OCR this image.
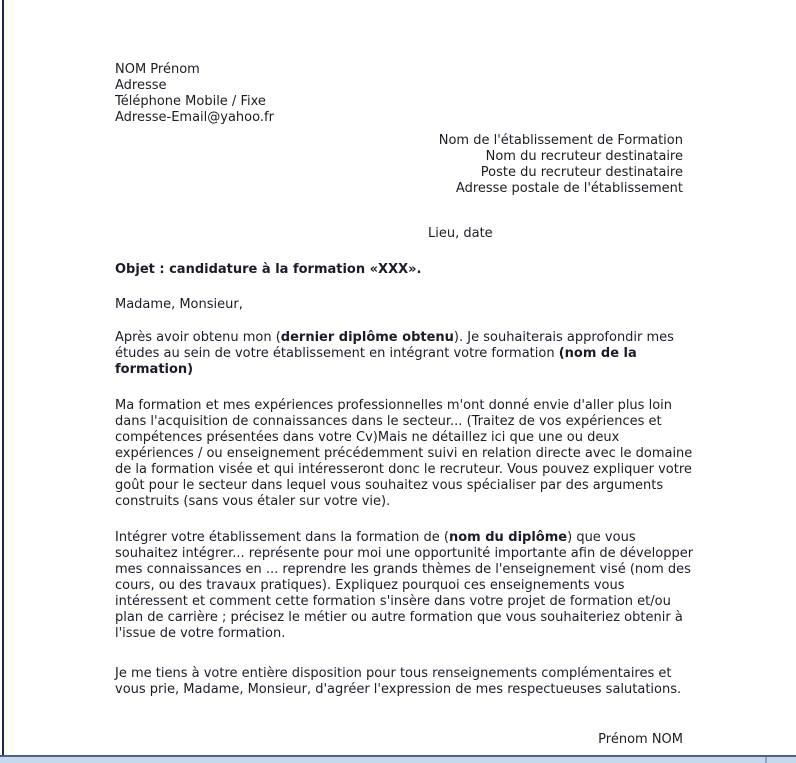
NOM Prénom
Adresse
Téléphone Mobile / Fixe
Adresse-Email@yahoo.fr
Nom de l'établissement de Formation
Nom du recruteur destinataire
Poste du recruteur destinataire
Adresse postale de l'établissement
Lieu, date
Objet : candidature à la formation «XXX».
Madame, Monsieur,
Après avoir obtenu mon (dernier diplôme obtenu). Je souhaiterais approfondir mes études au sein de votre établissement en intégrant votre formation (nom de la formation)
Ma formation et mes expériences professionnelles m'ont donné envie d'aller plus loin dans l'acquisition de connaissances dans le secteur... (Traitez de vos expériences et compétences présentées dans votre Cv)Mais ne détaillez ici que une ou deux expériences / ou enseignement précédemment suivi en relation directe avec le domaine de la formation visée et qui intéresseront donc le recruteur. Vous pouvez expliquer votre goût pour le secteur dans lequel vous souhaitez vous spécialiser par des arguments construits (sans vous étaler sur votre vie).
Intégrer votre établissement dans la formation de (nom du diplôme) que vous souhaitez intégrer... représente pour moi une opportunité importante afin de développer mes connaissances en ... reprendre les grands thèmes de l'enseignement visé (nom des cours, ou des travaux pratiques). Expliquez pourquoi ces enseignements vous intéressent et comment cette formation s'insère dans votre projet de formation et/ou plan de carrière ; précisez le métier ou autre formation que vous souhaiteriez obtenir à l'issue de votre formation.
Je me tiens à votre entière disposition pour tous renseignements complémentaires et vous prie, Madame, Monsieur, d'agréer l'expression de mes respectueuses salutations.
Prénom NOM
